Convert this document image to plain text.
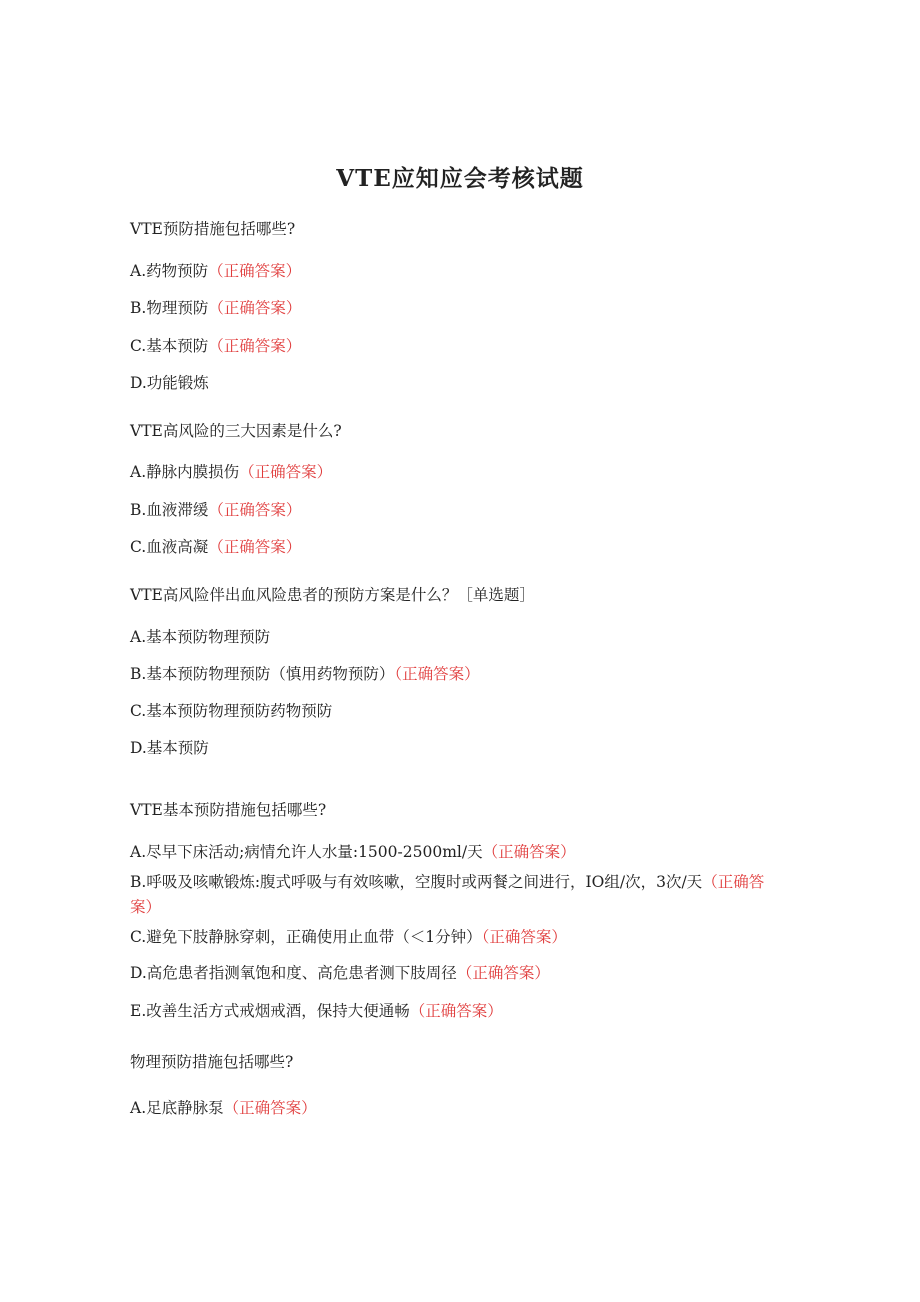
VTE应知应会考核试题
VTE预防措施包括哪些?
A.药物预防（正确答案）
B.物理预防（正确答案）
C.基本预防（正确答案）
D.功能锻炼
VTE高风险的三大因素是什么?
A.静脉内膜损伤（正确答案）
B.血液滞缓（正确答案）
C.血液高凝（正确答案）
VTE高风险伴出血风险患者的预防方案是什么？［单选题］
A.基本预防物理预防
B.基本预防物理预防（慎用药物预防）（正确答案）
C.基本预防物理预防药物预防
D.基本预防
VTE基本预防措施包括哪些?
A.尽早下床活动;病情允许人水量:1500-2500ml/天（正确答案）
B.呼吸及咳嗽锻炼:腹式呼吸与有效咳嗽，空腹时或两餐之间进行，IO组/次，3次/天（正确答案）
C.避免下肢静脉穿刺，正确使用止血带（＜1分钟）（正确答案）
D.高危患者指测氧饱和度、高危患者测下肢周径（正确答案）
E.改善生活方式戒烟戒酒，保持大便通畅（正确答案）
物理预防措施包括哪些?
A.足底静脉泵（正确答案）
